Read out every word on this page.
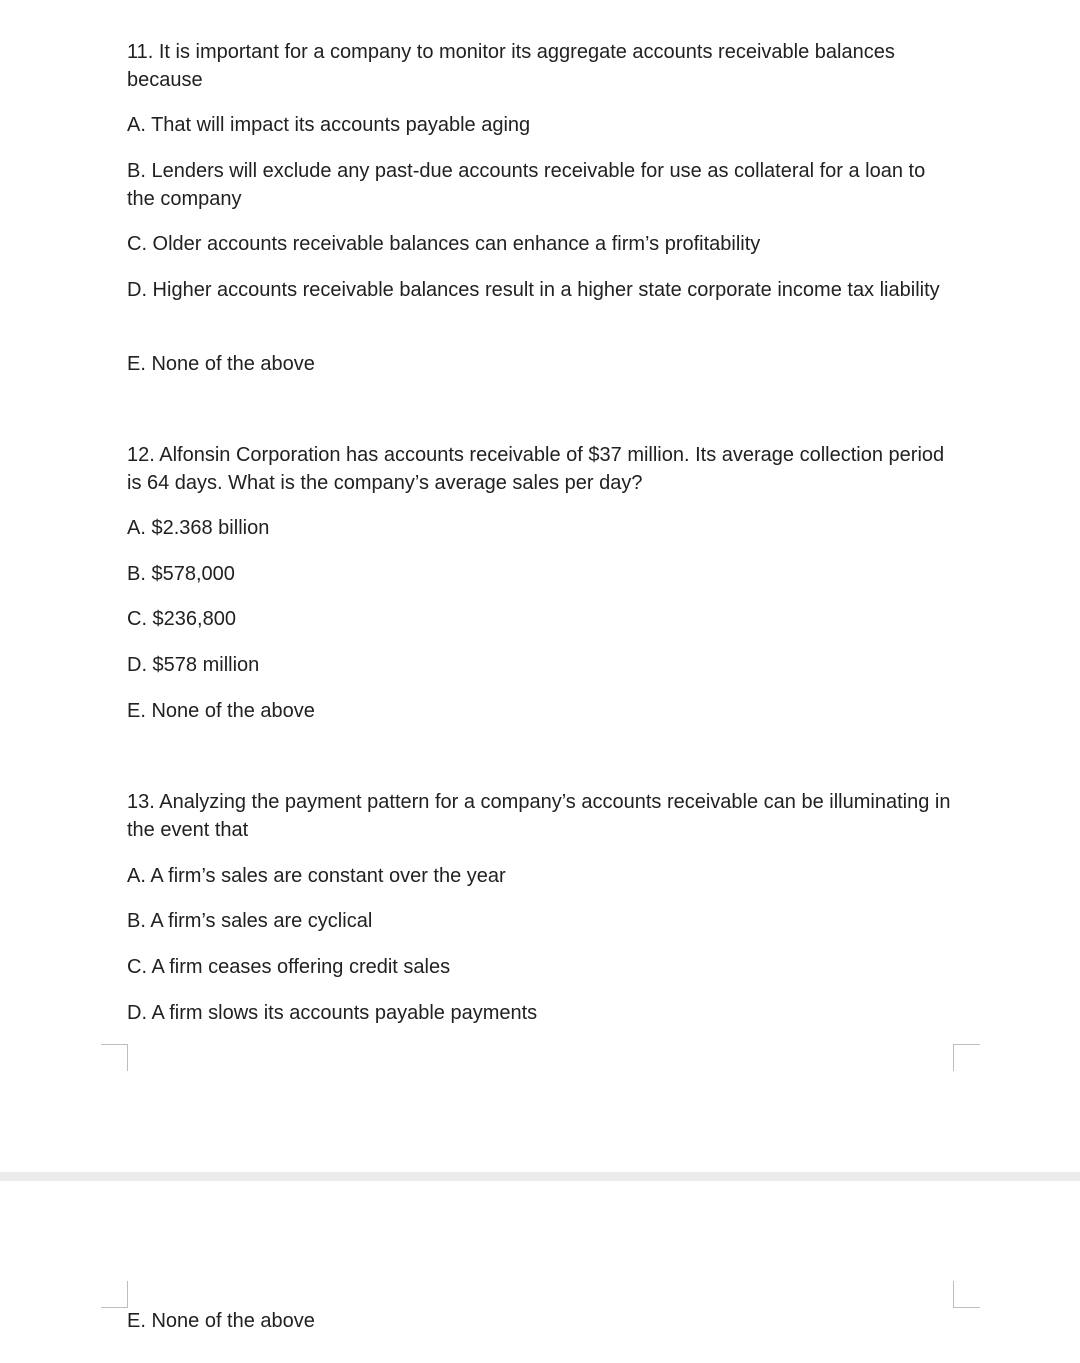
11. It is important for a company to monitor its aggregate accounts receivable balances because

A. That will impact its accounts payable aging

B. Lenders will exclude any past-due accounts receivable for use as collateral for a loan to the company

C. Older accounts receivable balances can enhance a firm’s profitability

D. Higher accounts receivable balances result in a higher state corporate income tax liability

E. None of the above

12. Alfonsin Corporation has accounts receivable of $37 million. Its average collection period is 64 days. What is the company’s average sales per day?

A. $2.368 billion

B. $578,000

C. $236,800

D. $578 million

E. None of the above

13. Analyzing the payment pattern for a company’s accounts receivable can be illuminating in the event that

A. A firm’s sales are constant over the year

B. A firm’s sales are cyclical

C. A firm ceases offering credit sales

D. A firm slows its accounts payable payments

E. None of the above
